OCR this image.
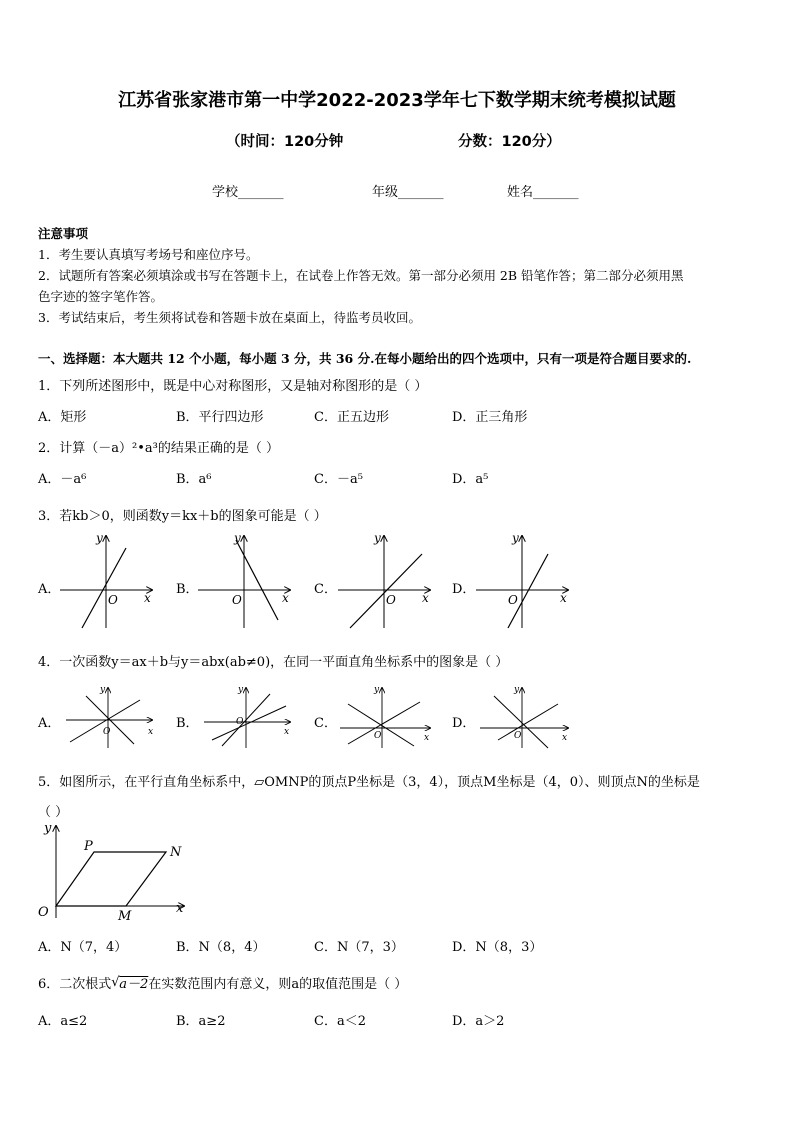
江苏省张家港市第一中学2022-2023学年七下数学期末统考模拟试题
（时间：120分钟	分数：120分）
学校_______	年级_______	姓名_______
注意事项
1．考生要认真填写考场号和座位序号。
2．试题所有答案必须填涂或书写在答题卡上，在试卷上作答无效。第一部分必须用 2B 铅笔作答；第二部分必须用黑
色字迹的签字笔作答。
3．考试结束后，考生须将试卷和答题卡放在桌面上，待监考员收回。
一、选择题：本大题共 12 个小题，每小题 3 分，共 36 分.在每小题给出的四个选项中，只有一项是符合题目要求的.
1．下列所述图形中，既是中心对称图形，又是轴对称图形的是（ ）
A．矩形	B．平行四边形	C．正五边形	D．正三角形
2．计算（－a）²•a³的结果正确的是（ ）
A．－a⁶	B．a⁶	C．－a⁵	D．a⁵
3．若kb＞0，则函数y＝kx＋b的图象可能是（ ）
A．	B．	C．	D．
y
O x
y
O	x
y
O x
y
O	x
4．一次函数y＝ax＋b与y＝abx(ab≠0)，在同一平面直角坐标系中的图象是（ ）
A．	B．	C．	D．
y
O	x
y
O
x
y
O	x
y
O	x
5．如图所示，在平行直角坐标系中，▱OMNP的顶点P坐标是（3，4），顶点M坐标是（4，0）、则顶点N的坐标是
（ ）
y
O
P	N
M
x
A．N（7，4）	B．N（8，4）	C．N（7，3）	D．N（8，3）
6．二次根式 √ a－2在实数范围内有意义，则a的取值范围是（ ）
A．a≤2	B．a≥2	C．a＜2	D．a＞2
